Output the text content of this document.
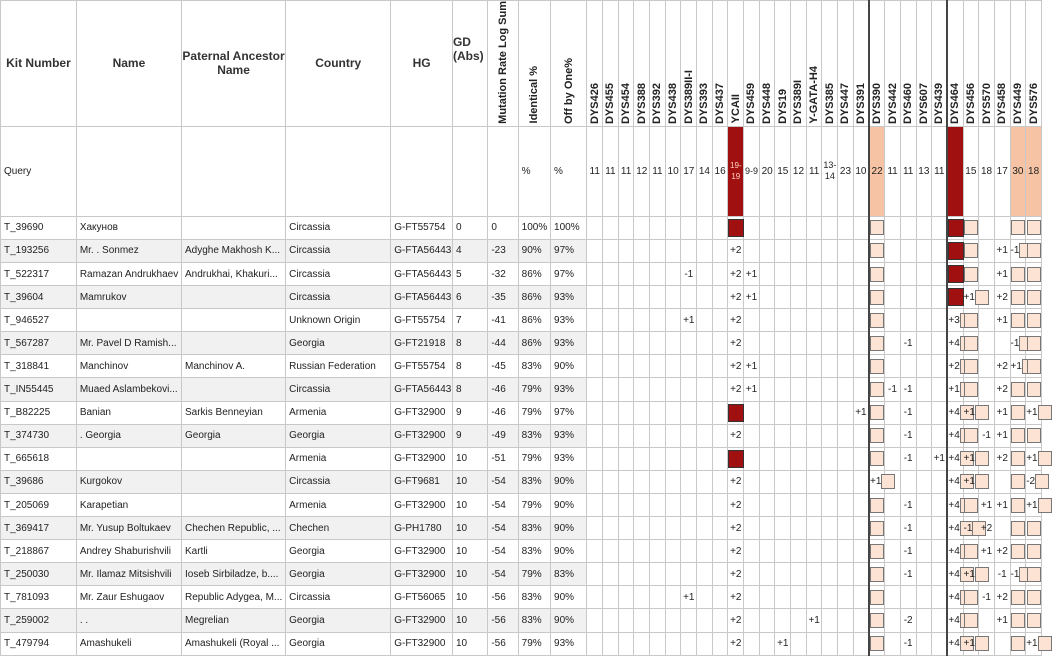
Kit Number	Name	Paternal Ancestor Name	Country	HG	GD (Abs)	Mutation Rate Log Sum	Identical %	Off by One%	DYS426	DYS455	DYS454	DYS388	DYS392	DYS438	DYS389II-I	DYS393	DYS437	YCAII	DYS459	DYS448	DYS19	DYS389I	Y-GATA-H4	DYS385	DYS447	DYS391	DYS390	DYS442	DYS460	DYS607	DYS439	DYS464	DYS456	DYS570	DYS458	DYS449	DYS576

Query							%	%	11	11	11	12	11	10	17	14	16	19-19	9-9	20	15	12	11	13-14	23	10	22	11	11	13	11		15	18	17	30	18
T_39690	Хакунов		Circassia	G-FT55754	0	0	100%	100%																													
T_193256	Mr. . Sonmez	Adyghe Makhosh K...	Circassia	G-FTA56443	4	-23	90%	97%										+2																	+1	-1	
T_522317	Ramazan Andrukhaev	Andrukhai, Khakuri...	Circassia	G-FTA56443	5	-32	86%	97%							-1			+2	+1																+1		
T_39604	Mamrukov		Circassia	G-FTA56443	6	-35	86%	93%										+2	+1														+1		+2		
T_946527			Unknown Origin	G-FT55754	7	-41	86%	93%							+1			+2														+3			+1		
T_567287	Mr. Pavel D Ramish...		Georgia	G-FT21918	8	-44	86%	93%										+2											-1			+4				-1	
T_318841	Manchinov	Manchinov A.	Russian Federation	G-FT55754	8	-45	83%	90%										+2	+1													+2			+2	+1	
T_IN55445	Muaed Aslambekovi...		Circassia	G-FTA56443	8	-46	79%	93%										+2	+1									-1	-1			+1			+2		
T_B82225	Banian	Sarkis Benneyian	Armenia	G-FT32900	9	-46	79%	97%																		+1			-1			+4	+1		+1		+1
T_374730	. Georgia	Georgia	Georgia	G-FT32900	9	-49	83%	93%										+2											-1			+4		-1	+1		
T_665618			Armenia	G-FT32900	10	-51	79%	93%																					-1		+1	+4	+1		+2		+1
T_39686	Kurgokov		Circassia	G-FT9681	10	-54	83%	90%										+2									+1					+4	+1				-2
T_205069	Karapetian		Armenia	G-FT32900	10	-54	79%	90%										+2											-1			+4		+1	+1		+1
T_369417	Mr. Yusup Boltukaev	Chechen Republic, ...	Chechen	G-PH1780	10	-54	83%	90%										+2											-1			+4	-1	+2			
T_218867	Andrey Shaburishvili	Kartli	Georgia	G-FT32900	10	-54	83%	90%										+2											-1			+4		+1	+2		
T_250030	Mr. Ilamaz Mitsishvili	Ioseb Sirbiladze, b....	Georgia	G-FT32900	10	-54	79%	83%										+2											-1			+4	+1		-1	-1	
T_781093	Mr. Zaur Eshugaov	Republic Adygea, M...	Circassia	G-FT56065	10	-56	83%	90%							+1			+2														+4		-1	+2		
T_259002	. .	Megrelian	Georgia	G-FT32900	10	-56	83%	90%										+2					+1						-2			+4			+1		
T_479794	Amashukeli	Amashukeli (Royal ...	Georgia	G-FT32900	10	-56	79%	93%										+2			+1								-1			+4	+1				+1
